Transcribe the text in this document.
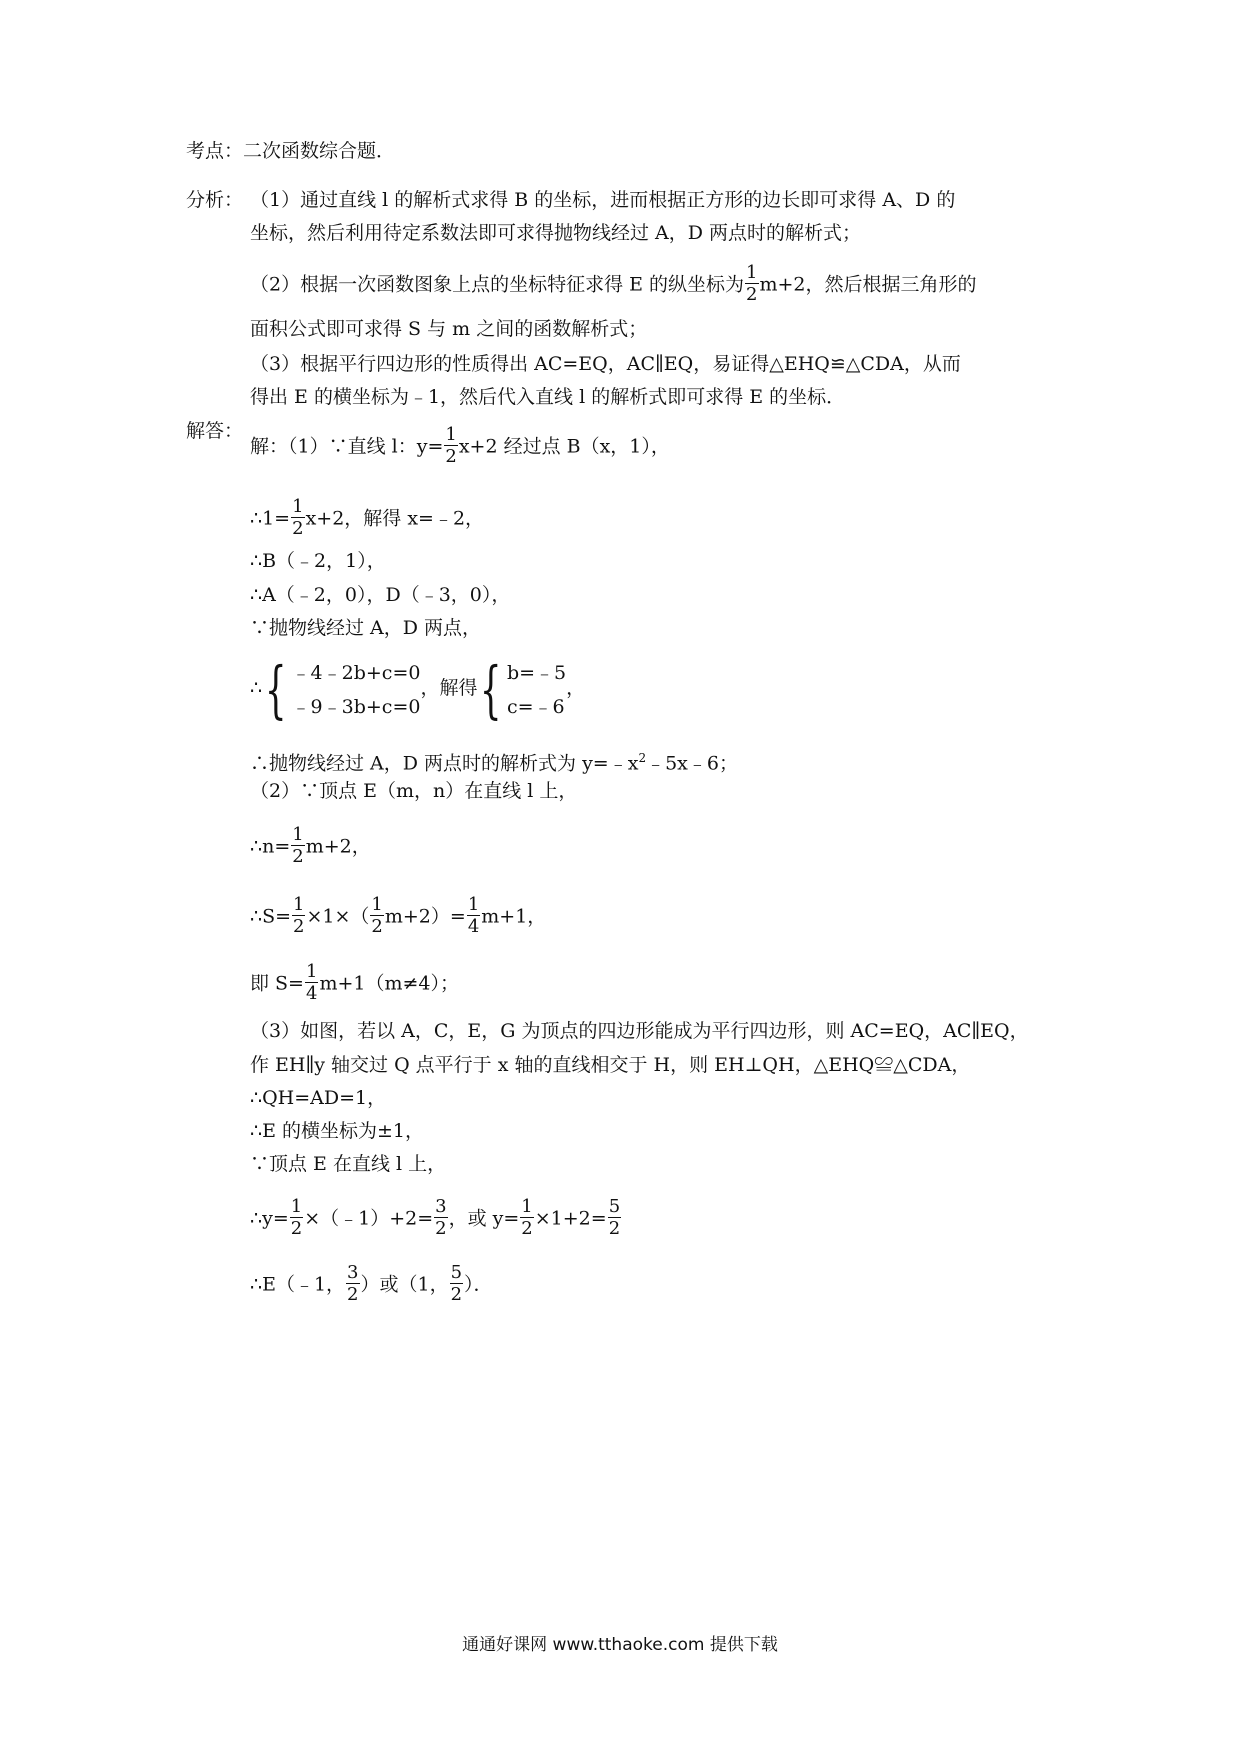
考点：二次函数综合题．
分析： （1）通过直线 l 的解析式求得 B 的坐标，进而根据正方形的边长即可求得 A、D 的
坐标，然后利用待定系数法即可求得抛物线经过 A，D 两点时的解析式；
（2）根据一次函数图象上点的坐标特征求得 E 的纵坐标为 $\frac{1}{2} m+2$，然后根据三角形的
面积公式即可求得 S 与 m 之间的函数解析式；
（3）根据平行四边形的性质得出 AC=EQ，AC∥EQ，易证得△EHQ≌△CDA，从而
得出 E 的横坐标为﹣1，然后代入直线 l 的解析式即可求得 E 的坐标．
解答：
解：（1）∵直线 l：$y= \frac{1}{2} x+2$ 经过点 B（x，1），
∴1= $\frac{1}{2} x+2$，解得 x=﹣2，
∴B（﹣2，1），
∴A（﹣2，0），D（﹣3，0），
∵抛物线经过 A，D 两点，
∴{ ﹣4﹣2b+c=0
﹣9﹣3b+c=0
，解得{ b=﹣5
c=﹣6
，
∴抛物线经过 A，D 两点时的解析式为 $y=﹣x^2﹣5x﹣6$；
（2）∵顶点 E（m，n）在直线 l 上，
∴n= $\frac{1}{2} m+2$，
∴S= $\frac{1}{2} \times 1\times( \frac{1}{2} m+2)= \frac{1}{4} m+1$，
即 $S= \frac{1}{4} m+1(m\ne 4)$；
（3）如图，若以 A，C，E，G 为顶点的四边形能成为平行四边形，则 AC=EQ，AC∥EQ，
作 EH∥y 轴交过 Q 点平行于 x 轴的直线相交于 H，则 EH⊥QH，△EHQ≌△CDA，
∴QH=AD=1，
∴E 的横坐标为±1，
∵顶点 E 在直线 l 上，
∴y= $\frac{1}{2}$ ×（﹣1）+2= $\frac{3}{2}$ ，或 $y= \frac{1}{2} \times 1+2= \frac{5}{2}$
∴E（﹣1， $\frac{3}{2}$ ）或（1， $\frac{5}{2}$ ）．
通通好课网 www.tthaoke.com 提供下载
